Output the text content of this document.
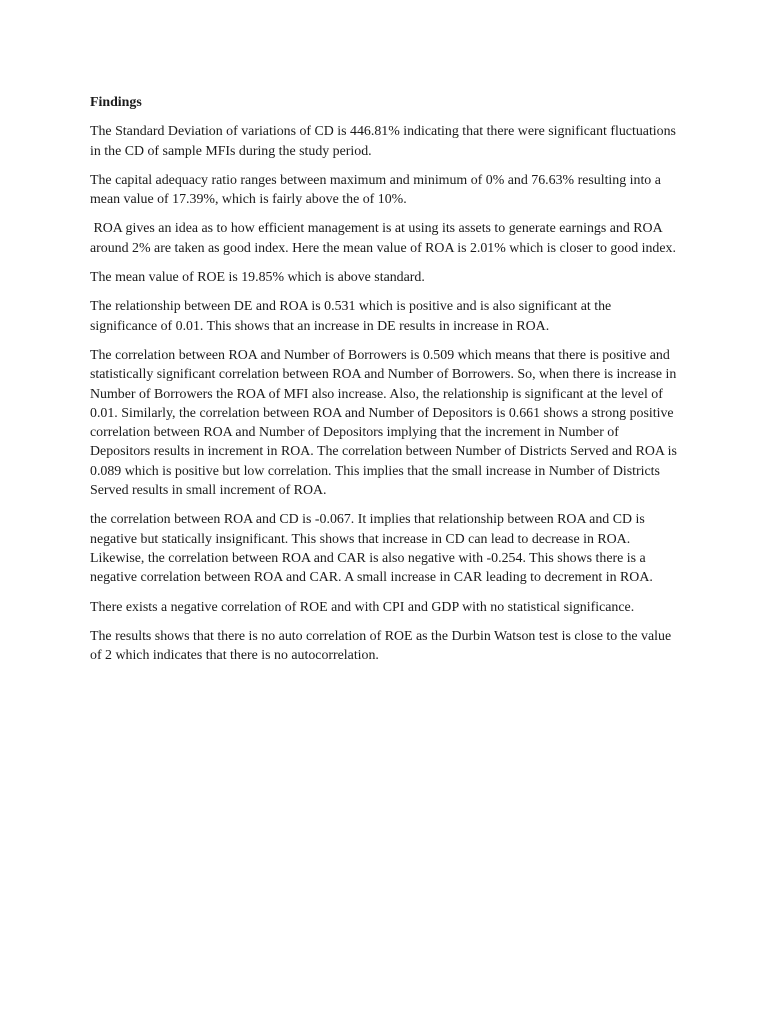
Findings

The Standard Deviation of variations of CD is 446.81% indicating that there were significant fluctuations in the CD of sample MFIs during the study period.

The capital adequacy ratio ranges between maximum and minimum of 0% and 76.63% resulting into a mean value of 17.39%, which is fairly above the of 10%.

ROA gives an idea as to how efficient management is at using its assets to generate earnings and ROA around 2% are taken as good index. Here the mean value of ROA is 2.01% which is closer to good index.

The mean value of ROE is 19.85% which is above standard.

The relationship between DE and ROA is 0.531 which is positive and is also significant at the significance of 0.01. This shows that an increase in DE results in increase in ROA.

The correlation between ROA and Number of Borrowers is 0.509 which means that there is positive and statistically significant correlation between ROA and Number of Borrowers. So, when there is increase in Number of Borrowers the ROA of MFI also increase. Also, the relationship is significant at the level of 0.01. Similarly, the correlation between ROA and Number of Depositors is 0.661 shows a strong positive correlation between ROA and Number of Depositors implying that the increment in Number of Depositors results in increment in ROA. The correlation between Number of Districts Served and ROA is 0.089 which is positive but low correlation. This implies that the small increase in Number of Districts Served results in small increment of ROA.

the correlation between ROA and CD is -0.067. It implies that relationship between ROA and CD is negative but statically insignificant. This shows that increase in CD can lead to decrease in ROA. Likewise, the correlation between ROA and CAR is also negative with -0.254. This shows there is a negative correlation between ROA and CAR. A small increase in CAR leading to decrement in ROA.

There exists a negative correlation of ROE and with CPI and GDP with no statistical significance.

The results shows that there is no auto correlation of ROE as the Durbin Watson test is close to the value of 2 which indicates that there is no autocorrelation.
